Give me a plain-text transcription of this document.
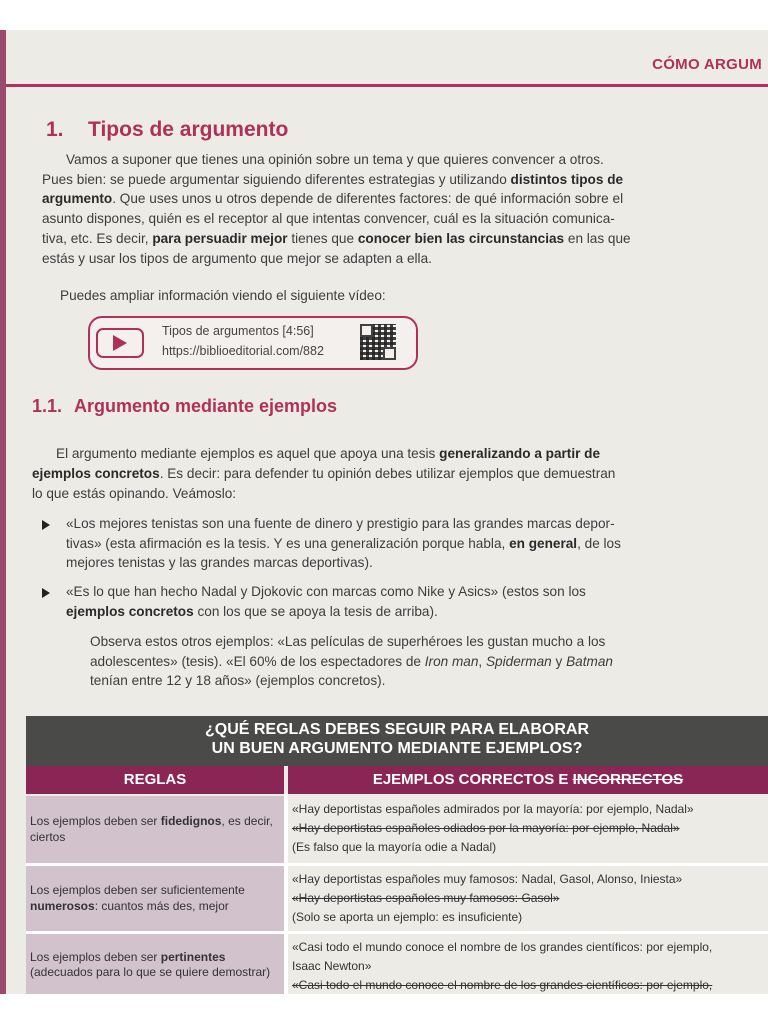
CÓMO ARGUM
1. Tipos de argumento
Vamos a suponer que tienes una opinión sobre un tema y que quieres convencer a otros.
Pues bien: se puede argumentar siguiendo diferentes estrategias y utilizando distintos tipos de
argumento. Que uses unos u otros depende de diferentes factores: de qué información sobre el
asunto dispones, quién es el receptor al que intentas convencer, cuál es la situación comunica-
tiva, etc. Es decir, para persuadir mejor tienes que conocer bien las circunstancias en las que
estás y usar los tipos de argumento que mejor se adapten a ella.
Puedes ampliar información viendo el siguiente vídeo:
Tipos de argumentos [4:56]
https://biblioeditorial.com/882
1.1. Argumento mediante ejemplos
El argumento mediante ejemplos es aquel que apoya una tesis generalizando a partir de
ejemplos concretos. Es decir: para defender tu opinión debes utilizar ejemplos que demuestran
lo que estás opinando. Veámoslo:
«Los mejores tenistas son una fuente de dinero y prestigio para las grandes marcas depor-
tivas» (esta afirmación es la tesis. Y es una generalización porque habla, en general, de los
mejores tenistas y las grandes marcas deportivas).
«Es lo que han hecho Nadal y Djokovic con marcas como Nike y Asics» (estos son los
ejemplos concretos con los que se apoya la tesis de arriba).
Observa estos otros ejemplos: «Las películas de superhéroes les gustan mucho a los
adolescentes» (tesis). «El 60% de los espectadores de Iron man, Spiderman y Batman
tenían entre 12 y 18 años» (ejemplos concretos).
¿QUÉ REGLAS DEBES SEGUIR PARA ELABORAR
UN BUEN ARGUMENTO MEDIANTE EJEMPLOS?
REGLAS	EJEMPLOS CORRECTOS E INCORRECTOS
Los ejemplos deben ser fidedignos, es decir, ciertos
«Hay deportistas españoles admirados por la mayoría: por ejemplo, Nadal»
«Hay deportistas españoles odiados por la mayoría: por ejemplo, Nadal»
(Es falso que la mayoría odie a Nadal)
Los ejemplos deben ser suficientemente numerosos: cuantos más des, mejor
«Hay deportistas españoles muy famosos: Nadal, Gasol, Alonso, Iniesta»
«Hay deportistas españoles muy famosos: Gasol»
(Solo se aporta un ejemplo: es insuficiente)
Los ejemplos deben ser pertinentes (adecuados para lo que se quiere demostrar)
«Casi todo el mundo conoce el nombre de los grandes científicos: por ejemplo,
Isaac Newton»
«Casi todo el mundo conoce el nombre de los grandes científicos: por ejemplo,
